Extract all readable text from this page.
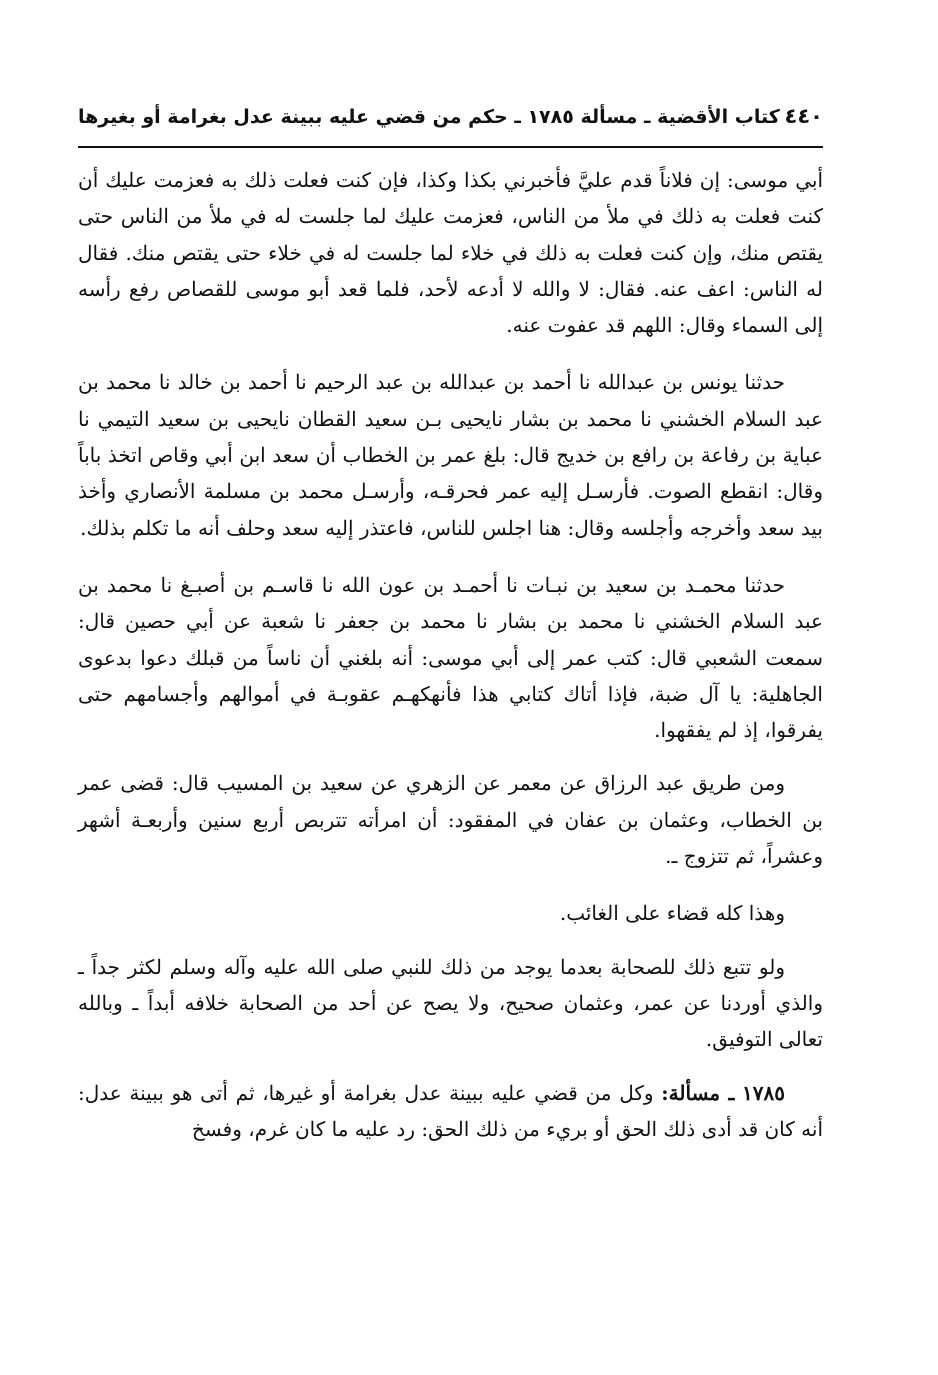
٤٤٠
كتاب الأقضية ـ مسألة ١٧٨٥ ـ حكم من قضي عليه ببينة عدل بغرامة أو بغيرها

أبي موسى: إن فلاناً قدم عليَّ فأخبرني بكذا وكذا، فإن كنت فعلت ذلك به فعزمت عليك أن كنت فعلت به ذلك في ملأ من الناس، فعزمت عليك لما جلست له في ملأ من الناس حتى يقتص منك، وإن كنت فعلت به ذلك في خلاء لما جلست له في خلاء حتى يقتص منك. فقال له الناس: اعف عنه. فقال: لا والله لا أدعه لأحد، فلما قعد أبو موسى للقصاص رفع رأسه إلى السماء وقال: اللهم قد عفوت عنه.

حدثنا يونس بن عبدالله نا أحمد بن عبدالله بن عبد الرحيم نا أحمد بن خالد نا محمد بن عبد السلام الخشني نا محمد بن بشار نايحيى بـن سعيد القطان نايحيى بن سعيد التيمي نا عباية بن رفاعة بن رافع بن خديج قال: بلغ عمر بن الخطاب أن سعد ابن أبي وقاص اتخذ باباً وقال: انقطع الصوت. فأرسـل إليه عمر فحرقـه، وأرسـل محمد بن مسلمة الأنصاري وأخذ بيد سعد وأخرجه وأجلسه وقال: هنا اجلس للناس، فاعتذر إليه سعد وحلف أنه ما تكلم بذلك.

حدثنا محمـد بن سعيد بن نبـات نا أحمـد بن عون الله نا قاسـم بن أصبـغ نا محمد بن عبد السلام الخشني نا محمد بن بشار نا محمد بن جعفر نا شعبة عن أبي حصين قال: سمعت الشعبي قال: كتب عمر إلى أبي موسى: أنه بلغني أن ناساً من قبلك دعوا بدعوى الجاهلية: يا آل ضبة، فإذا أتاك كتابي هذا فأنهكهـم عقوبـة في أموالهم وأجسامهم حتى يفرقوا، إذ لم يفقهوا.

ومن طريق عبد الرزاق عن معمر عن الزهري عن سعيد بن المسيب قال: قضى عمر بن الخطاب، وعثمان بن عفان في المفقود: أن امرأته تتربص أربع سنين وأربعـة أشهر وعشراً، ثم تتزوج ـ.

وهذا كله قضاء على الغائب.

ولو تتبع ذلك للصحابة بعدما يوجد من ذلك للنبي صلى الله عليه وآله وسلم لكثر جداً ـ والذي أوردنا عن عمر، وعثمان صحيح، ولا يصح عن أحد من الصحابة خلافه أبداً ـ وبالله تعالى التوفيق.

١٧٨٥ ـ مسألة: وكل من قضي عليه ببينة عدل بغرامة أو غيرها، ثم أتى هو ببينة عدل: أنه كان قد أدى ذلك الحق أو بريء من ذلك الحق: رد عليه ما كان غرم، وفسخ
